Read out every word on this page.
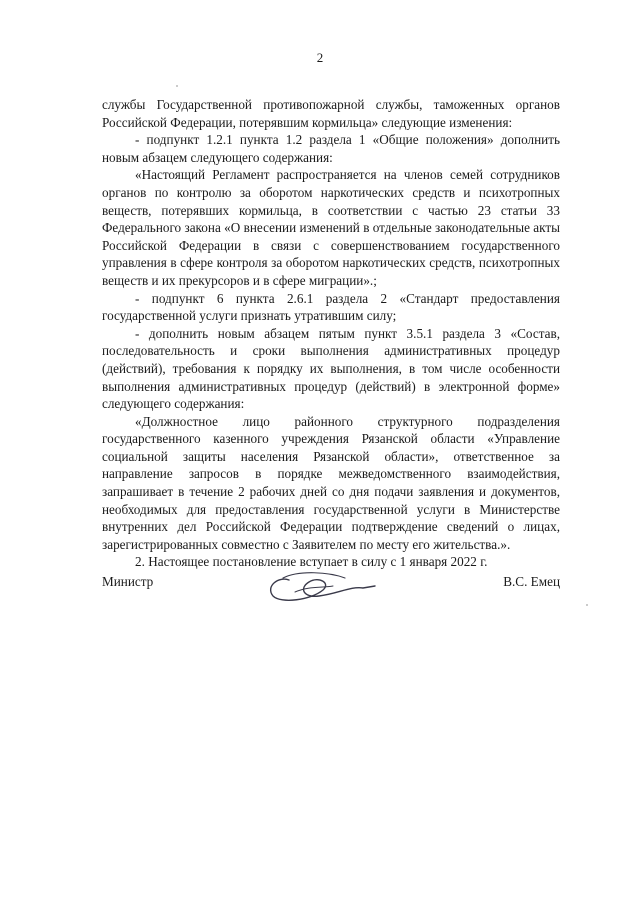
2

службы Государственной противопожарной службы, таможенных органов Российской Федерации, потерявшим кормильца» следующие изменения:

- подпункт 1.2.1 пункта 1.2 раздела 1 «Общие положения» дополнить новым абзацем следующего содержания:

«Настоящий Регламент распространяется на членов семей сотрудников органов по контролю за оборотом наркотических средств и психотропных веществ, потерявших кормильца, в соответствии с частью 23 статьи 33 Федерального закона «О внесении изменений в отдельные законодательные акты Российской Федерации в связи с совершенствованием государственного управления в сфере контроля за оборотом наркотических средств, психотропных веществ и их прекурсоров и в сфере миграции».;

- подпункт 6 пункта 2.6.1 раздела 2 «Стандарт предоставления государственной услуги признать утратившим силу;

- дополнить новым абзацем пятым пункт 3.5.1 раздела 3 «Состав, последовательность и сроки выполнения административных процедур (действий), требования к порядку их выполнения, в том числе особенности выполнения административных процедур (действий) в электронной форме» следующего содержания:

«Должностное лицо районного структурного подразделения государственного казенного учреждения Рязанской области «Управление социальной защиты населения Рязанской области», ответственное за направление запросов в порядке межведомственного взаимодействия, запрашивает в течение 2 рабочих дней со дня подачи заявления и документов, необходимых для предоставления государственной услуги в Министерстве внутренних дел Российской Федерации подтверждение сведений о лицах, зарегистрированных совместно с Заявителем по месту его жительства.».

2. Настоящее постановление вступает в силу с 1 января 2022 г.

Министр	В.С. Емец
